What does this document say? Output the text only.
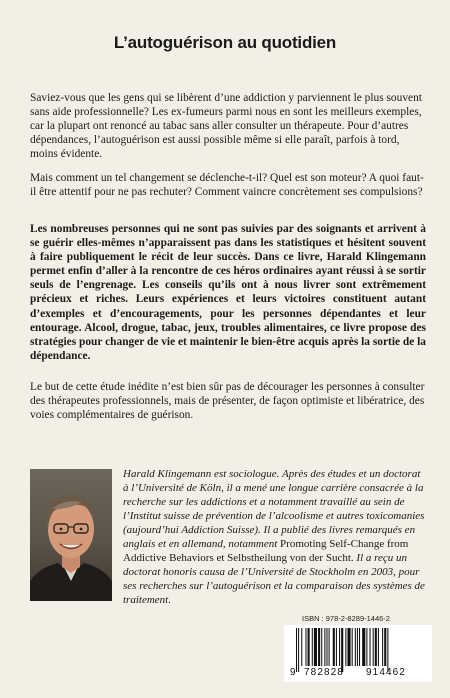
L’autoguérison au quotidien

Saviez-vous que les gens qui se libèrent d’une addiction y parviennent le plus souvent sans aide professionnelle? Les ex-fumeurs parmi nous en sont les meilleurs exemples, car la plupart ont renoncé au tabac sans aller consulter un thérapeute. Pour d’autres dépendances, l’autoguérison est aussi possible même si elle paraît, parfois à tord, moins évidente.

Mais comment un tel changement se déclenche-t-il? Quel est son moteur? A quoi faut-il être attentif pour ne pas rechuter? Comment vaincre concrètement ses compulsions?

Les nombreuses personnes qui ne sont pas suivies par des soignants et arrivent à se guérir elles-mêmes n’apparaissent pas dans les statistiques et hésitent souvent à faire publiquement le récit de leur succès. Dans ce livre, Harald Klingemann permet enfin d’aller à la rencontre de ces héros ordinaires ayant réussi à se sortir seuls de l’engrenage. Les conseils qu’ils ont à nous livrer sont extrêmement précieux et riches. Leurs expériences et leurs victoires constituent autant d’exemples et d’encouragements, pour les personnes dépendantes et leur entourage. Alcool, drogue, tabac, jeux, troubles alimentaires, ce livre propose des stratégies pour changer de vie et maintenir le bien-être acquis après la sortie de la dépendance.

Le but de cette étude inédite n’est bien sûr pas de décourager les personnes à consulter des thérapeutes professionnels, mais de présenter, de façon optimiste et libératrice, des voies complémentaires de guérison.

Harald Klingemann est sociologue. Après des études et un doctorat à l’Université de Köln, il a mené une longue carrière consacrée à la recherche sur les addictions et a notamment travaillé au sein de l’Institut suisse de prévention de l’alcoolisme et autres toxicomanies (aujourd’hui Addiction Suisse). Il a publié des livres remarqués en anglais et en allemand, notamment Promoting Self-Change from Addictive Behaviors et Selbstheilung von der Sucht. Il a reçu un doctorat honoris causa de l’Université de Stockholm en 2003, pour ses recherches sur l’autoguérison et la comparaison des systèmes de traitement.

ISBN : 978-2-8289-1446-2
9 782828 914462
